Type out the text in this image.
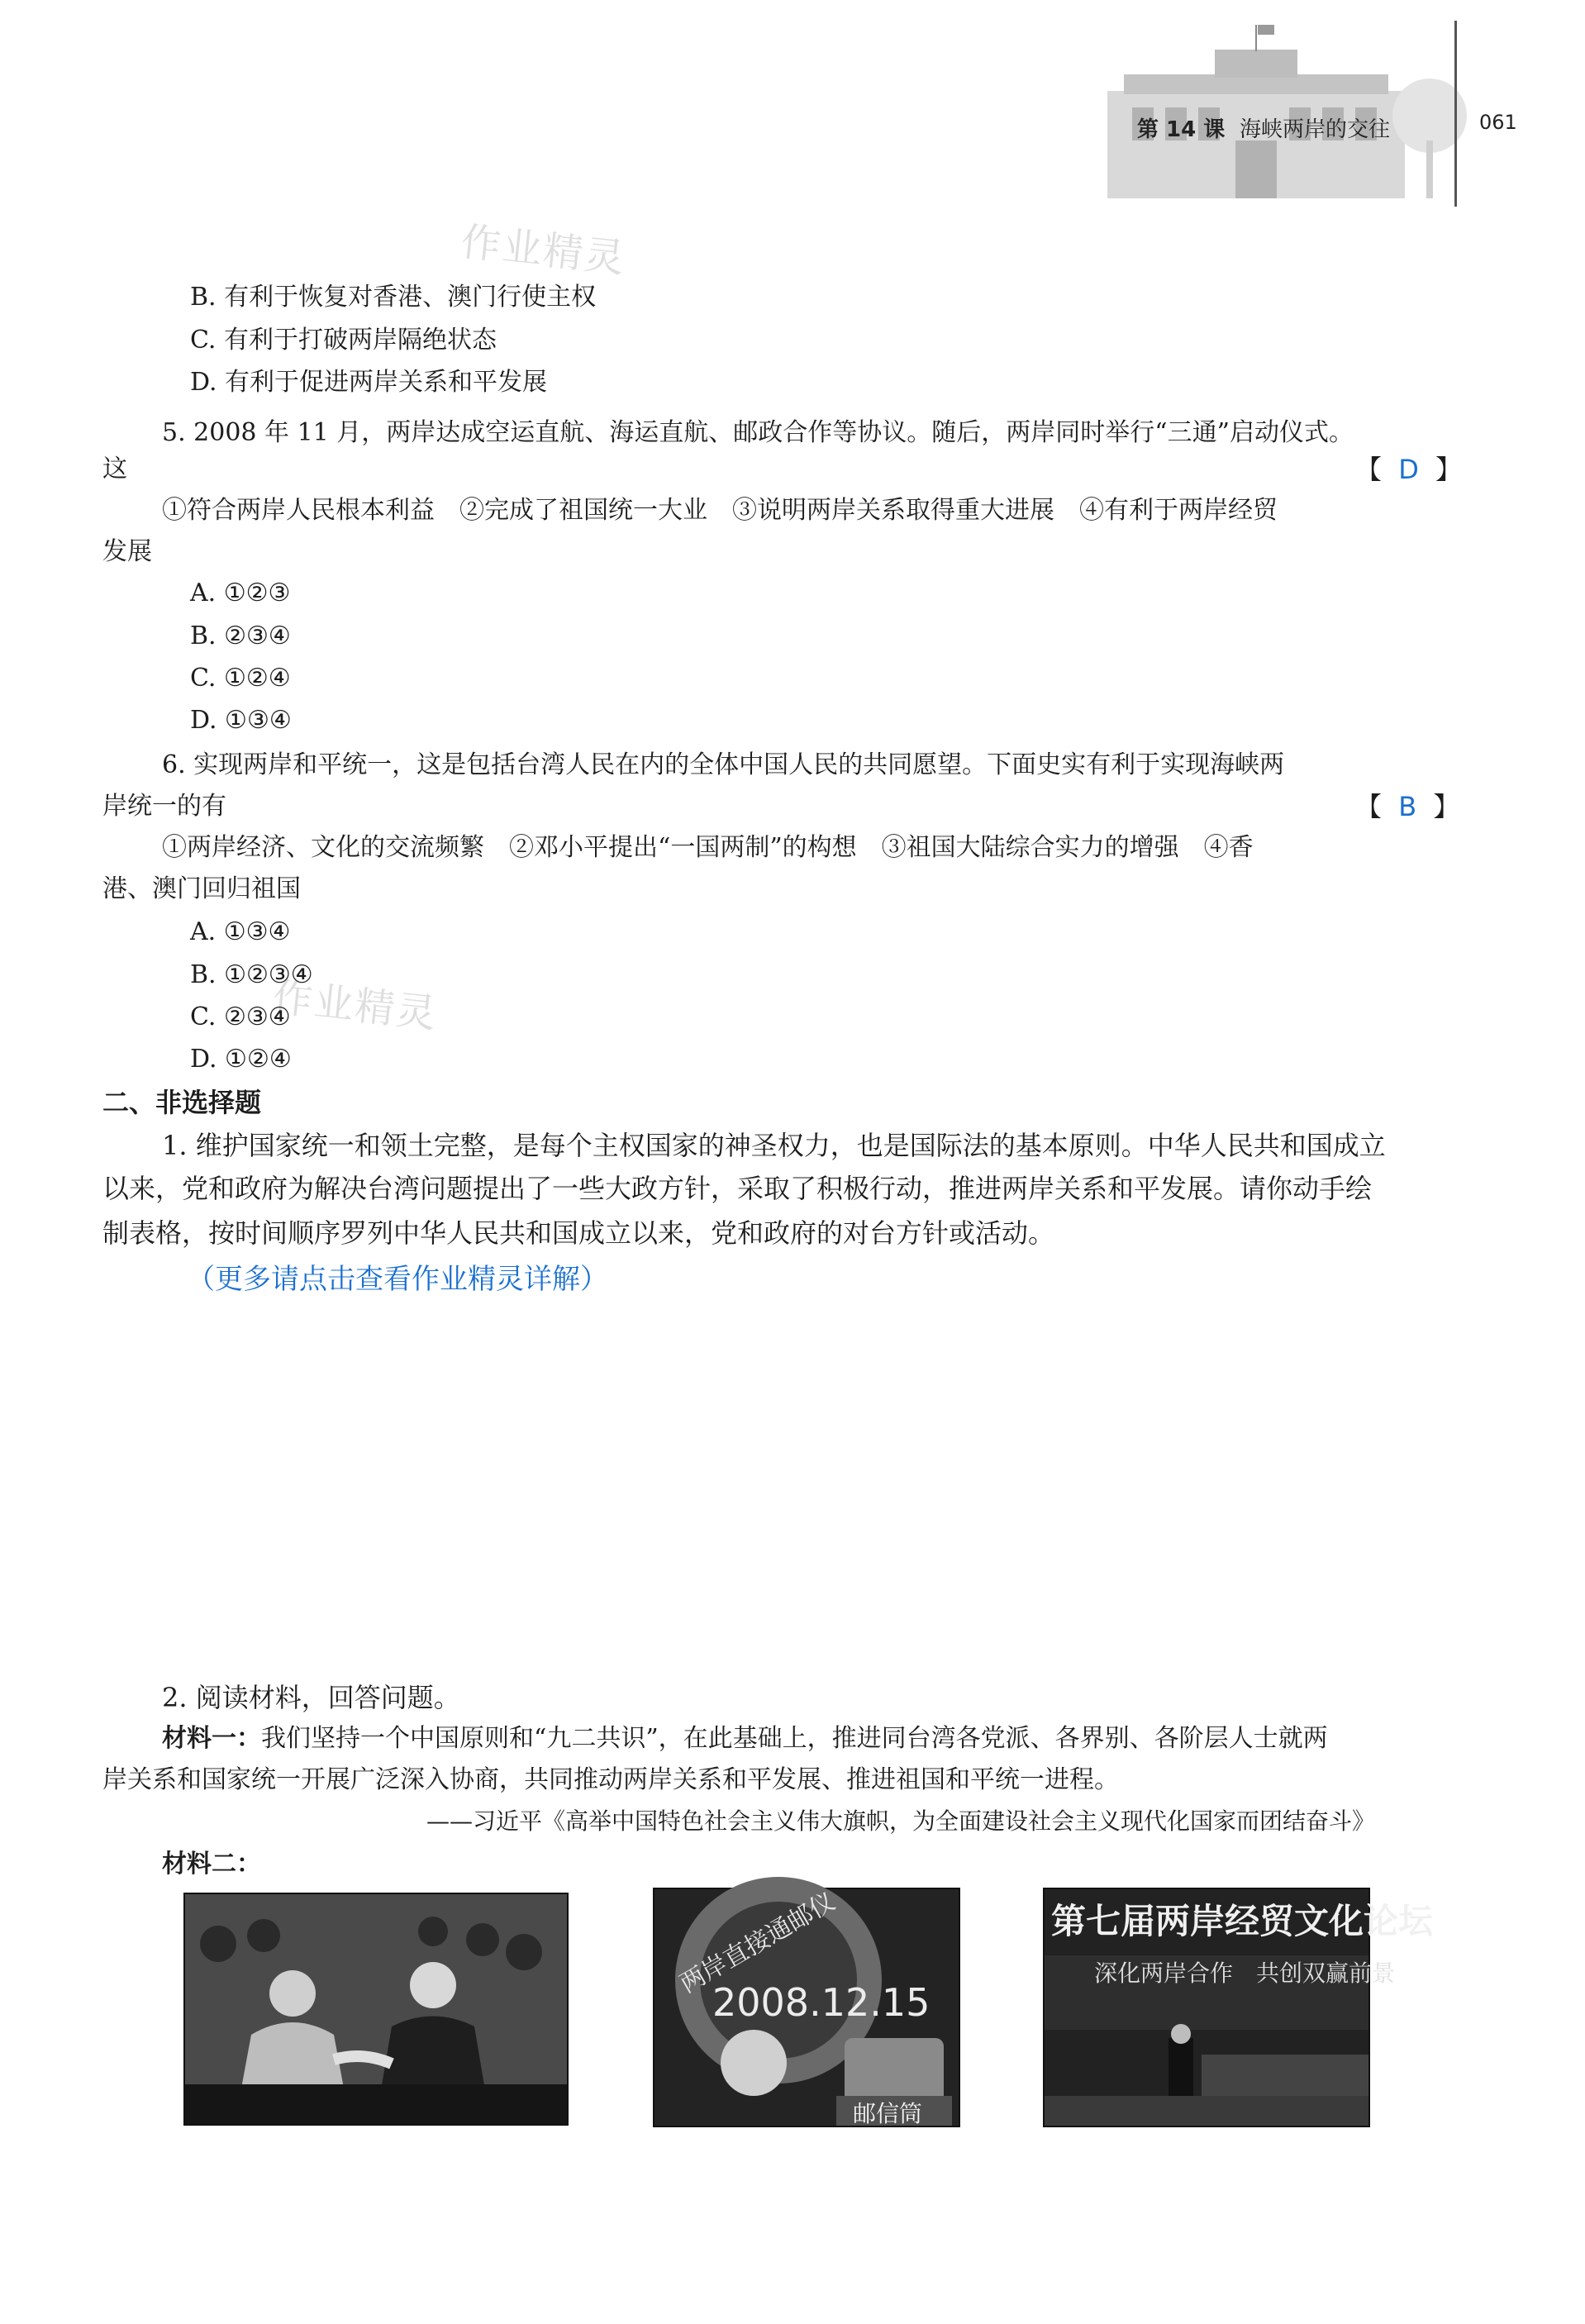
第 14 课 海峡两岸的交往	061
作业精灵
作业精灵
B. 有利于恢复对香港、澳门行使主权
C. 有利于打破两岸隔绝状态
D. 有利于促进两岸关系和平发展
5. 2008 年 11 月，两岸达成空运直航、海运直航、邮政合作等协议。随后，两岸同时举行“三通”启动仪式。
这	【 D 】
①符合两岸人民根本利益　②完成了祖国统一大业　③说明两岸关系取得重大进展　④有利于两岸经贸
发展
A. ①②③
B. ②③④
C. ①②④
D. ①③④
6. 实现两岸和平统一，这是包括台湾人民在内的全体中国人民的共同愿望。下面史实有利于实现海峡两
岸统一的有	【 B 】
①两岸经济、文化的交流频繁　②邓小平提出“一国两制”的构想　③祖国大陆综合实力的增强　④香
港、澳门回归祖国
A. ①③④
B. ①②③④
C. ②③④
D. ①②④
二、非选择题
1. 维护国家统一和领土完整，是每个主权国家的神圣权力，也是国际法的基本原则。中华人民共和国成立
以来，党和政府为解决台湾问题提出了一些大政方针，采取了积极行动，推进两岸关系和平发展。请你动手绘
制表格，按时间顺序罗列中华人民共和国成立以来，党和政府的对台方针或活动。
（更多请点击查看作业精灵详解）
2. 阅读材料，回答问题。
材料一：我们坚持一个中国原则和“九二共识”，在此基础上，推进同台湾各党派、各界别、各阶层人士就两
岸关系和国家统一开展广泛深入协商，共同推动两岸关系和平发展、推进祖国和平统一进程。
——习近平《高举中国特色社会主义伟大旗帜，为全面建设社会主义现代化国家而团结奋斗》
材料二：
两岸直接通邮仪
2008.12.15
邮信筒
第七届两岸经贸文化论坛
深化两岸合作　共创双赢前景
